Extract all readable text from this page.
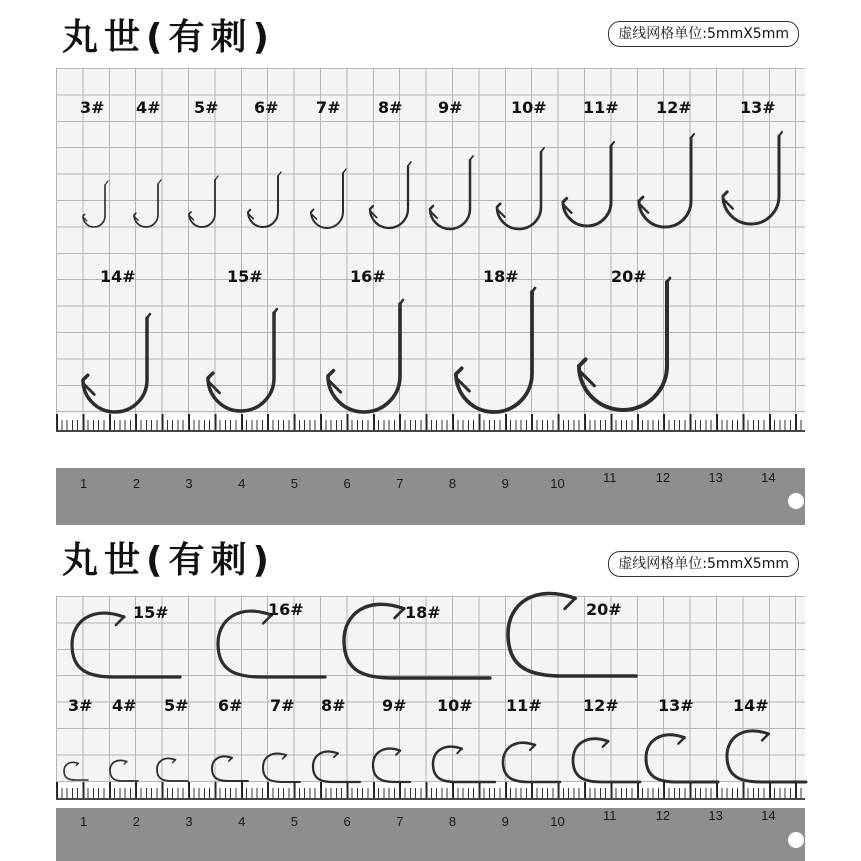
丸世(有刺)	虚线网格单位:5mmX5mm
丸世(有刺)	虚线网格单位:5mmX5mm
3# 4# 5# 6# 7# 8# 9#	10# 11# 12#	13#
14#	15#	16#	18#	20#
15#	16#	18#	20#
3# 4# 5# 6# 7# 8# 9# 10# 11#	12# 13# 14#
1	2	3	4	5	6	7	8	9	10	11	12	13	14
1	2	3	4	5	6	7	8	9	10	11	12	13	14
